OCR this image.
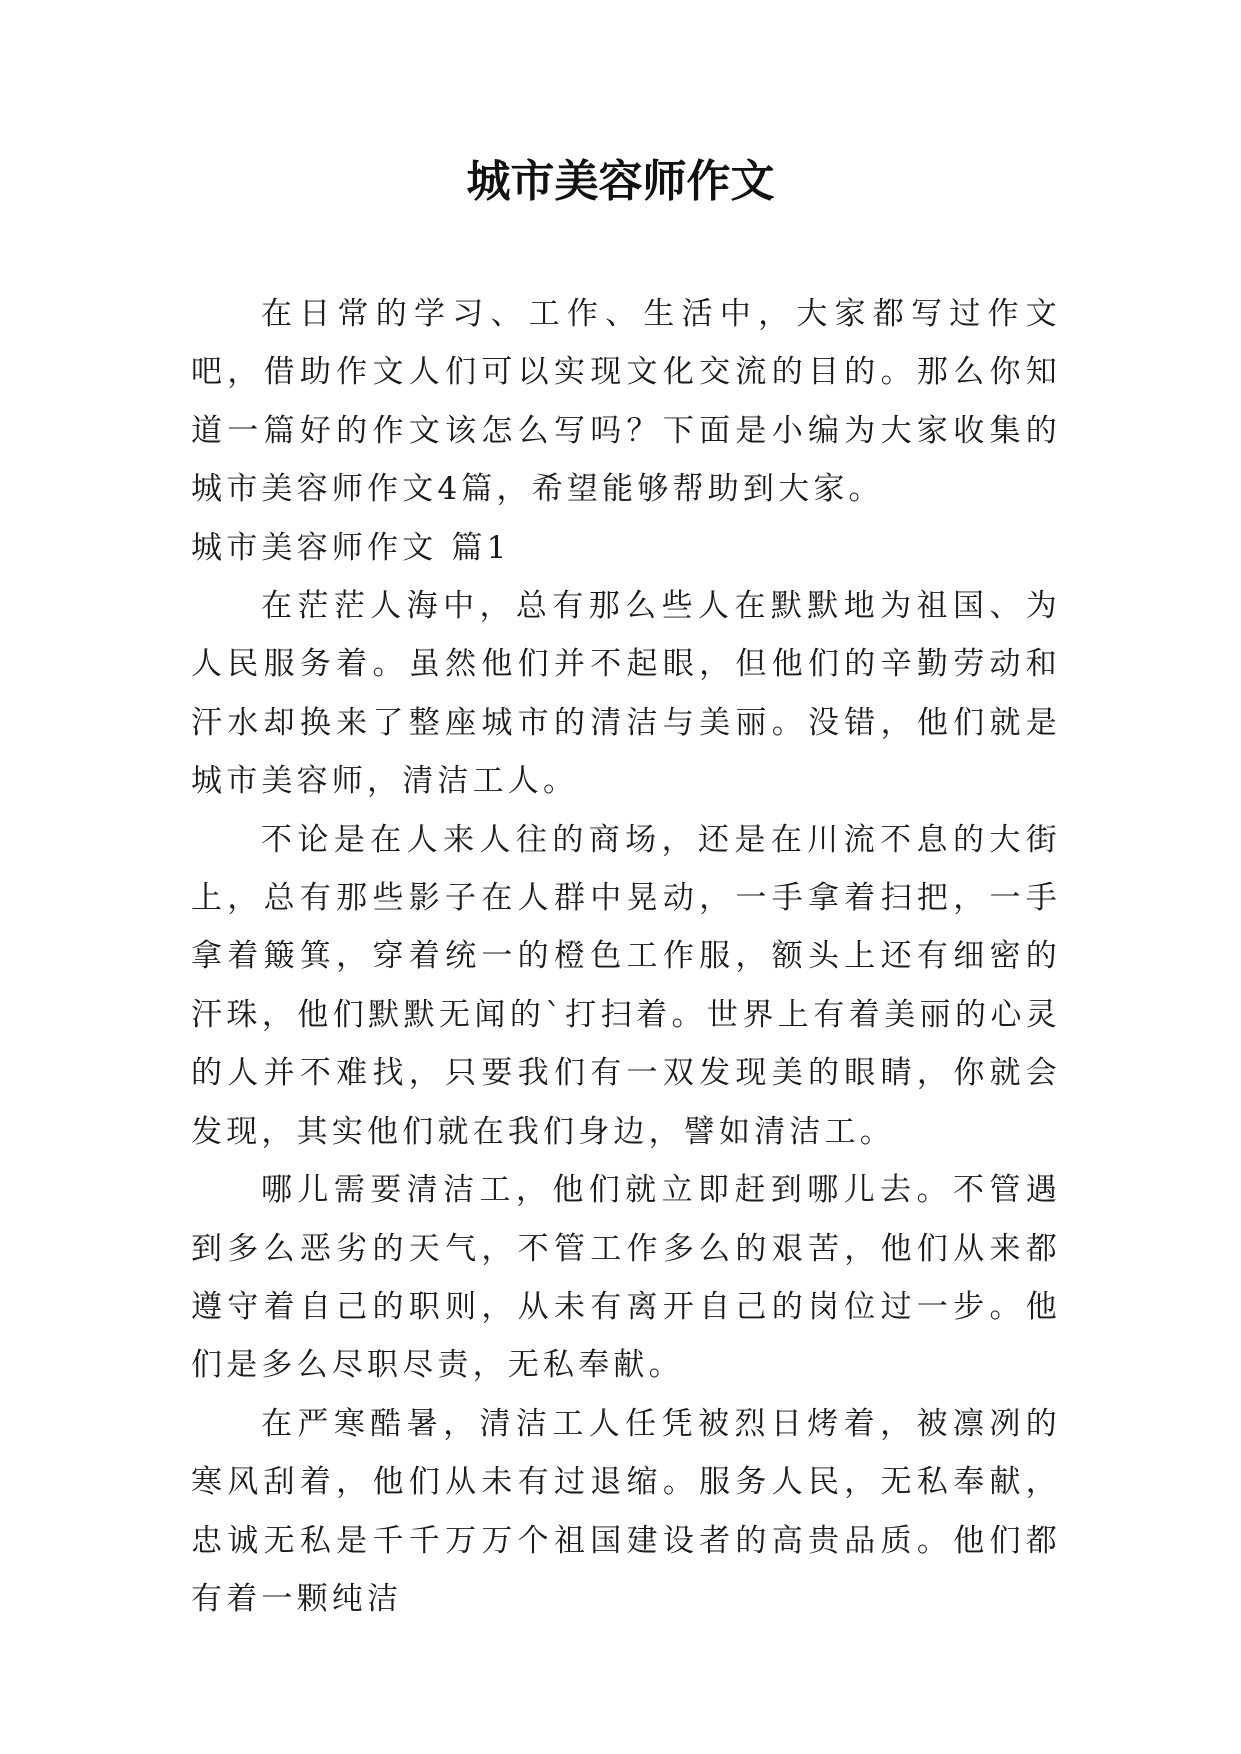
城市美容师作文

在日常的学习、工作、生活中，大家都写过作文吧，借助作文人们可以实现文化交流的目的。那么你知道一篇好的作文该怎么写吗？下面是小编为大家收集的城市美容师作文4篇，希望能够帮助到大家。

城市美容师作文 篇1

在茫茫人海中，总有那么些人在默默地为祖国、为人民服务着。虽然他们并不起眼，但他们的辛勤劳动和汗水却换来了整座城市的清洁与美丽。没错，他们就是城市美容师，清洁工人。

不论是在人来人往的商场，还是在川流不息的大街上，总有那些影子在人群中晃动，一手拿着扫把，一手拿着簸箕，穿着统一的橙色工作服，额头上还有细密的汗珠，他们默默无闻的`打扫着。世界上有着美丽的心灵的人并不难找，只要我们有一双发现美的眼睛，你就会发现，其实他们就在我们身边，譬如清洁工。

哪儿需要清洁工，他们就立即赶到哪儿去。不管遇到多么恶劣的天气，不管工作多么的艰苦，他们从来都遵守着自己的职则，从未有离开自己的岗位过一步。他们是多么尽职尽责，无私奉献。

在严寒酷暑，清洁工人任凭被烈日烤着，被凛冽的寒风刮着，他们从未有过退缩。服务人民，无私奉献，忠诚无私是千千万万个祖国建设者的高贵品质。他们都有着一颗纯洁
